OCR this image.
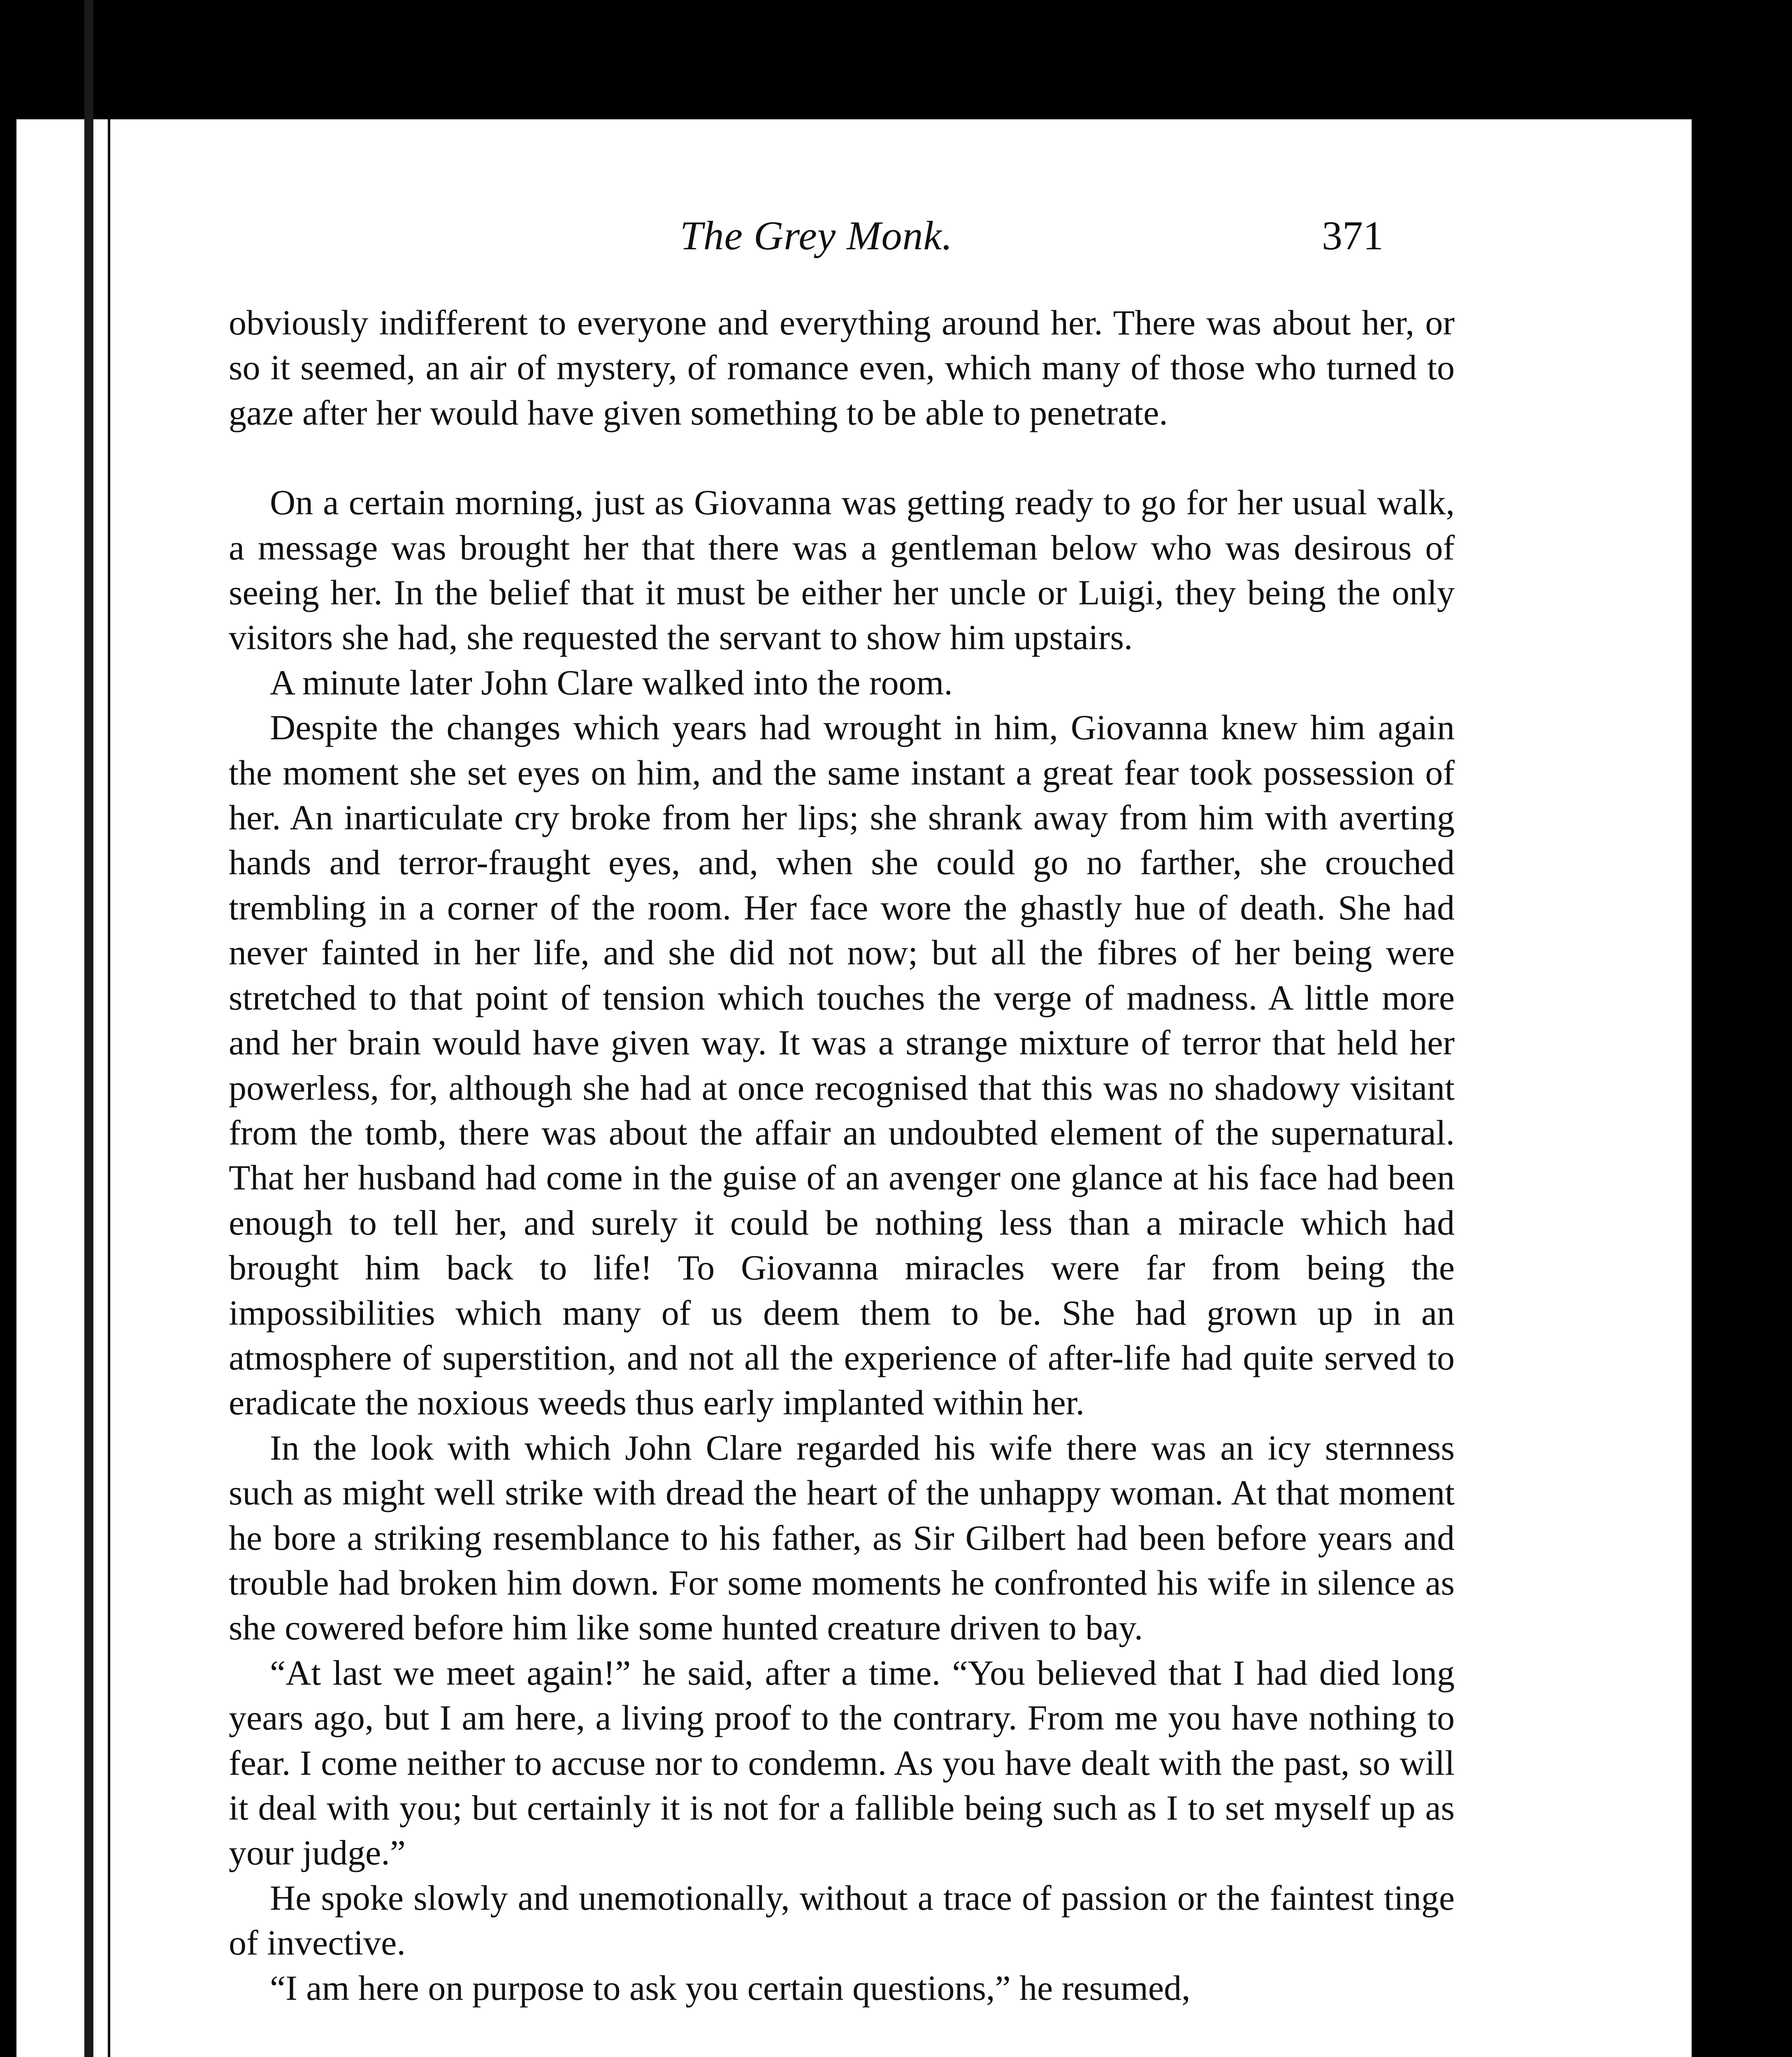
The Grey Monk.	371

obviously indifferent to everyone and everything around her. There was about her, or so it seemed, an air of mystery, of romance even, which many of those who turned to gaze after her would have given something to be able to penetrate.

On a certain morning, just as Giovanna was getting ready to go for her usual walk, a message was brought her that there was a gentleman below who was desirous of seeing her. In the belief that it must be either her uncle or Luigi, they being the only visitors she had, she requested the servant to show him upstairs.

A minute later John Clare walked into the room.

Despite the changes which years had wrought in him, Giovanna knew him again the moment she set eyes on him, and the same instant a great fear took possession of her. An inarticulate cry broke from her lips; she shrank away from him with averting hands and terror-fraught eyes, and, when she could go no farther, she crouched trembling in a corner of the room. Her face wore the ghastly hue of death. She had never fainted in her life, and she did not now; but all the fibres of her being were stretched to that point of tension which touches the verge of madness. A little more and her brain would have given way. It was a strange mixture of terror that held her powerless, for, although she had at once recognised that this was no shadowy visitant from the tomb, there was about the affair an undoubted element of the supernatural. That her husband had come in the guise of an avenger one glance at his face had been enough to tell her, and surely it could be nothing less than a miracle which had brought him back to life! To Giovanna miracles were far from being the impossibilities which many of us deem them to be. She had grown up in an atmosphere of superstition, and not all the experience of after-life had quite served to eradicate the noxious weeds thus early implanted within her.

In the look with which John Clare regarded his wife there was an icy sternness such as might well strike with dread the heart of the unhappy woman. At that moment he bore a striking resemblance to his father, as Sir Gilbert had been before years and trouble had broken him down. For some moments he confronted his wife in silence as she cowered before him like some hunted creature driven to bay.

“At last we meet again!” he said, after a time. “You believed that I had died long years ago, but I am here, a living proof to the contrary. From me you have nothing to fear. I come neither to accuse nor to condemn. As you have dealt with the past, so will it deal with you; but certainly it is not for a fallible being such as I to set myself up as your judge.”

He spoke slowly and unemotionally, without a trace of passion or the faintest tinge of invective.

“I am here on purpose to ask you certain questions,” he resumed,
